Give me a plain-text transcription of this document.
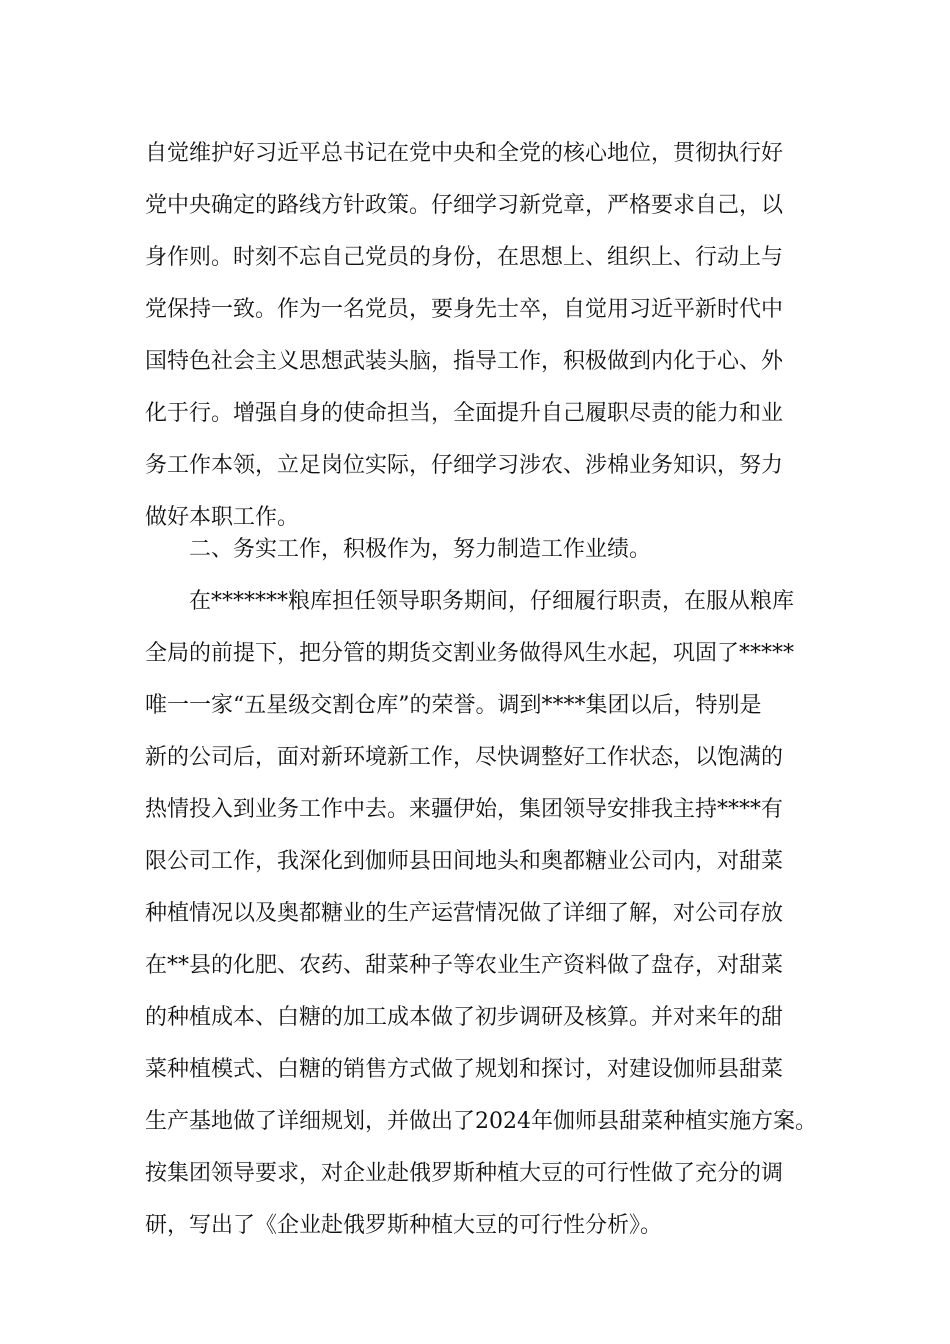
自觉维护好习近平总书记在党中央和全党的核心地位，贯彻执行好
党中央确定的路线方针政策。仔细学习新党章，严格要求自己，以
身作则。时刻不忘自己党员的身份，在思想上、组织上、行动上与
党保持一致。作为一名党员，要身先士卒，自觉用习近平新时代中
国特色社会主义思想武装头脑，指导工作，积极做到内化于心、外
化于行。增强自身的使命担当，全面提升自己履职尽责的能力和业
务工作本领，立足岗位实际，仔细学习涉农、涉棉业务知识，努力
做好本职工作。
二、务实工作，积极作为，努力制造工作业绩。
在*******粮库担任领导职务期间，仔细履行职责，在服从粮库
全局的前提下，把分管的期货交割业务做得风生水起，巩固了*****
唯一一家“五星级交割仓库”的荣誉。调到****集团以后，特别是
新的公司后，面对新环境新工作，尽快调整好工作状态，以饱满的
热情投入到业务工作中去。来疆伊始，集团领导安排我主持****有
限公司工作，我深化到伽师县田间地头和奥都糖业公司内，对甜菜
种植情况以及奥都糖业的生产运营情况做了详细了解，对公司存放
在**县的化肥、农药、甜菜种子等农业生产资料做了盘存，对甜菜
的种植成本、白糖的加工成本做了初步调研及核算。并对来年的甜
菜种植模式、白糖的销售方式做了规划和探讨，对建设伽师县甜菜
生产基地做了详细规划，并做出了2024年伽师县甜菜种植实施方案。
按集团领导要求，对企业赴俄罗斯种植大豆的可行性做了充分的调
研，写出了《企业赴俄罗斯种植大豆的可行性分析》。
